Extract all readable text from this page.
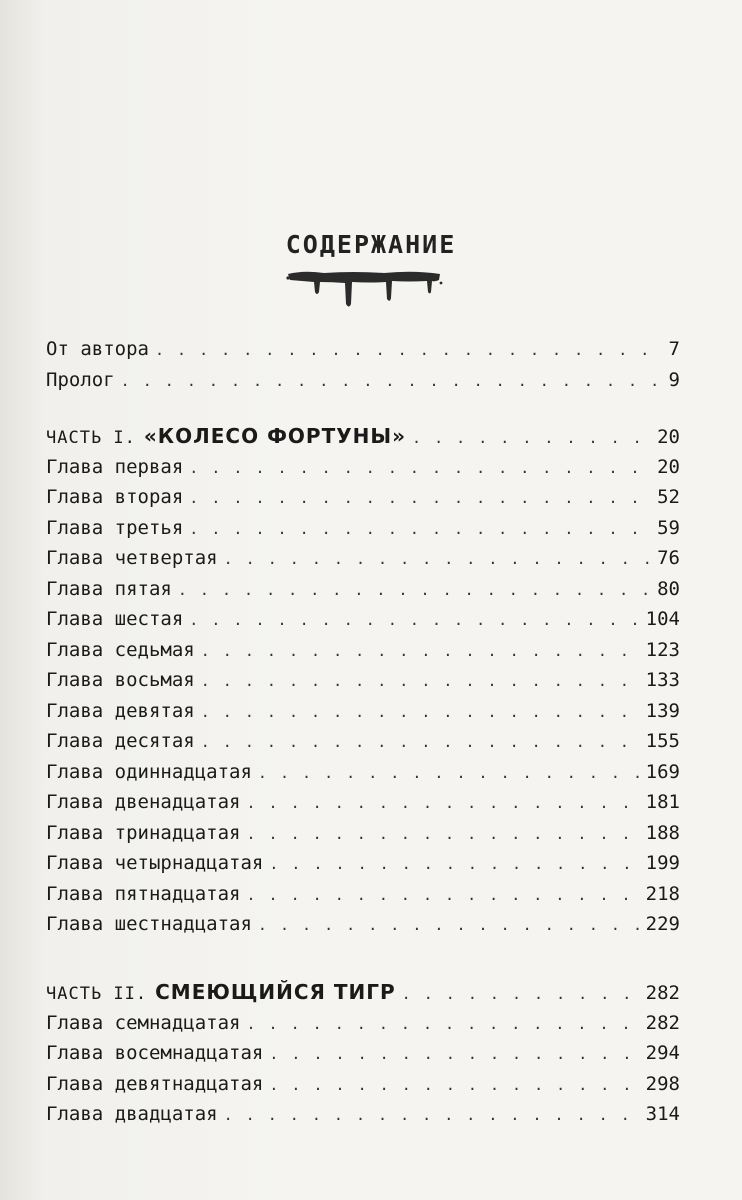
СОДЕРЖАНИЕ
От автора . . .	7
Пролог . . .	9
ЧАСТЬ I. «КОЛЕСО ФОРТУНЫ» . . .	20
Глава первая . . .	20
Глава вторая . . .	52
Глава третья . . .	59
Глава четвертая . . .	76
Глава пятая . . .	80
Глава шестая . . .	104
Глава седьмая . . .	123
Глава восьмая . . .	133
Глава девятая . . .	139
Глава десятая . . .	155
Глава одиннадцатая . . .	169
Глава двенадцатая . . .	181
Глава тринадцатая . . .	188
Глава четырнадцатая . . .	199
Глава пятнадцатая . . .	218
Глава шестнадцатая . . .	229
ЧАСТЬ II. СМЕЮЩИЙСЯ ТИГР . . .	282
Глава семнадцатая . . .	282
Глава восемнадцатая . . .	294
Глава девятнадцатая . . .	298
Глава двадцатая . . .	314
